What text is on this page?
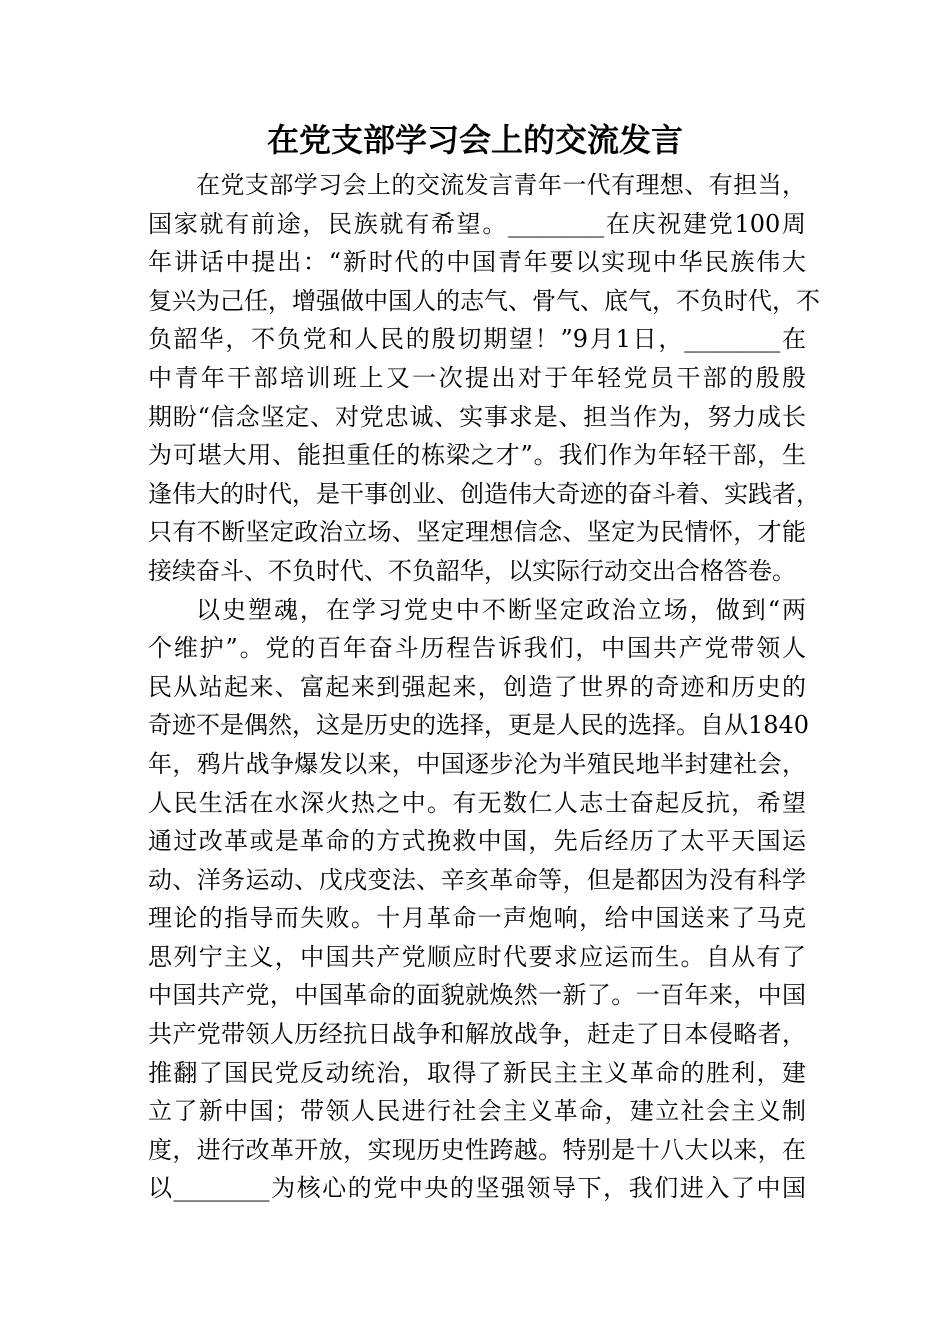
在党支部学习会上的交流发言
在党支部学习会上的交流发言青年一代有理想、有担当，
国家就有前途，民族就有希望。________在庆祝建党100周
年讲话中提出：“新时代的中国青年要以实现中华民族伟大
复兴为己任，增强做中国人的志气、骨气、底气，不负时代，不
负韶华，不负党和人民的殷切期望！”9月1日，________在
中青年干部培训班上又一次提出对于年轻党员干部的殷殷
期盼“信念坚定、对党忠诚、实事求是、担当作为，努力成长
为可堪大用、能担重任的栋梁之才”。我们作为年轻干部，生
逢伟大的时代，是干事创业、创造伟大奇迹的奋斗着、实践者，
只有不断坚定政治立场、坚定理想信念、坚定为民情怀，才能
接续奋斗、不负时代、不负韶华，以实际行动交出合格答卷。
以史塑魂，在学习党史中不断坚定政治立场，做到“两
个维护”。党的百年奋斗历程告诉我们，中国共产党带领人
民从站起来、富起来到强起来，创造了世界的奇迹和历史的
奇迹不是偶然，这是历史的选择，更是人民的选择。自从1840
年，鸦片战争爆发以来，中国逐步沦为半殖民地半封建社会，
人民生活在水深火热之中。有无数仁人志士奋起反抗，希望
通过改革或是革命的方式挽救中国，先后经历了太平天国运
动、洋务运动、戊戌变法、辛亥革命等，但是都因为没有科学
理论的指导而失败。十月革命一声炮响，给中国送来了马克
思列宁主义，中国共产党顺应时代要求应运而生。自从有了
中国共产党，中国革命的面貌就焕然一新了。一百年来，中国
共产党带领人历经抗日战争和解放战争，赶走了日本侵略者，
推翻了国民党反动统治，取得了新民主主义革命的胜利，建
立了新中国；带领人民进行社会主义革命，建立社会主义制
度，进行改革开放，实现历史性跨越。特别是十八大以来，在
以________为核心的党中央的坚强领导下，我们进入了中国
